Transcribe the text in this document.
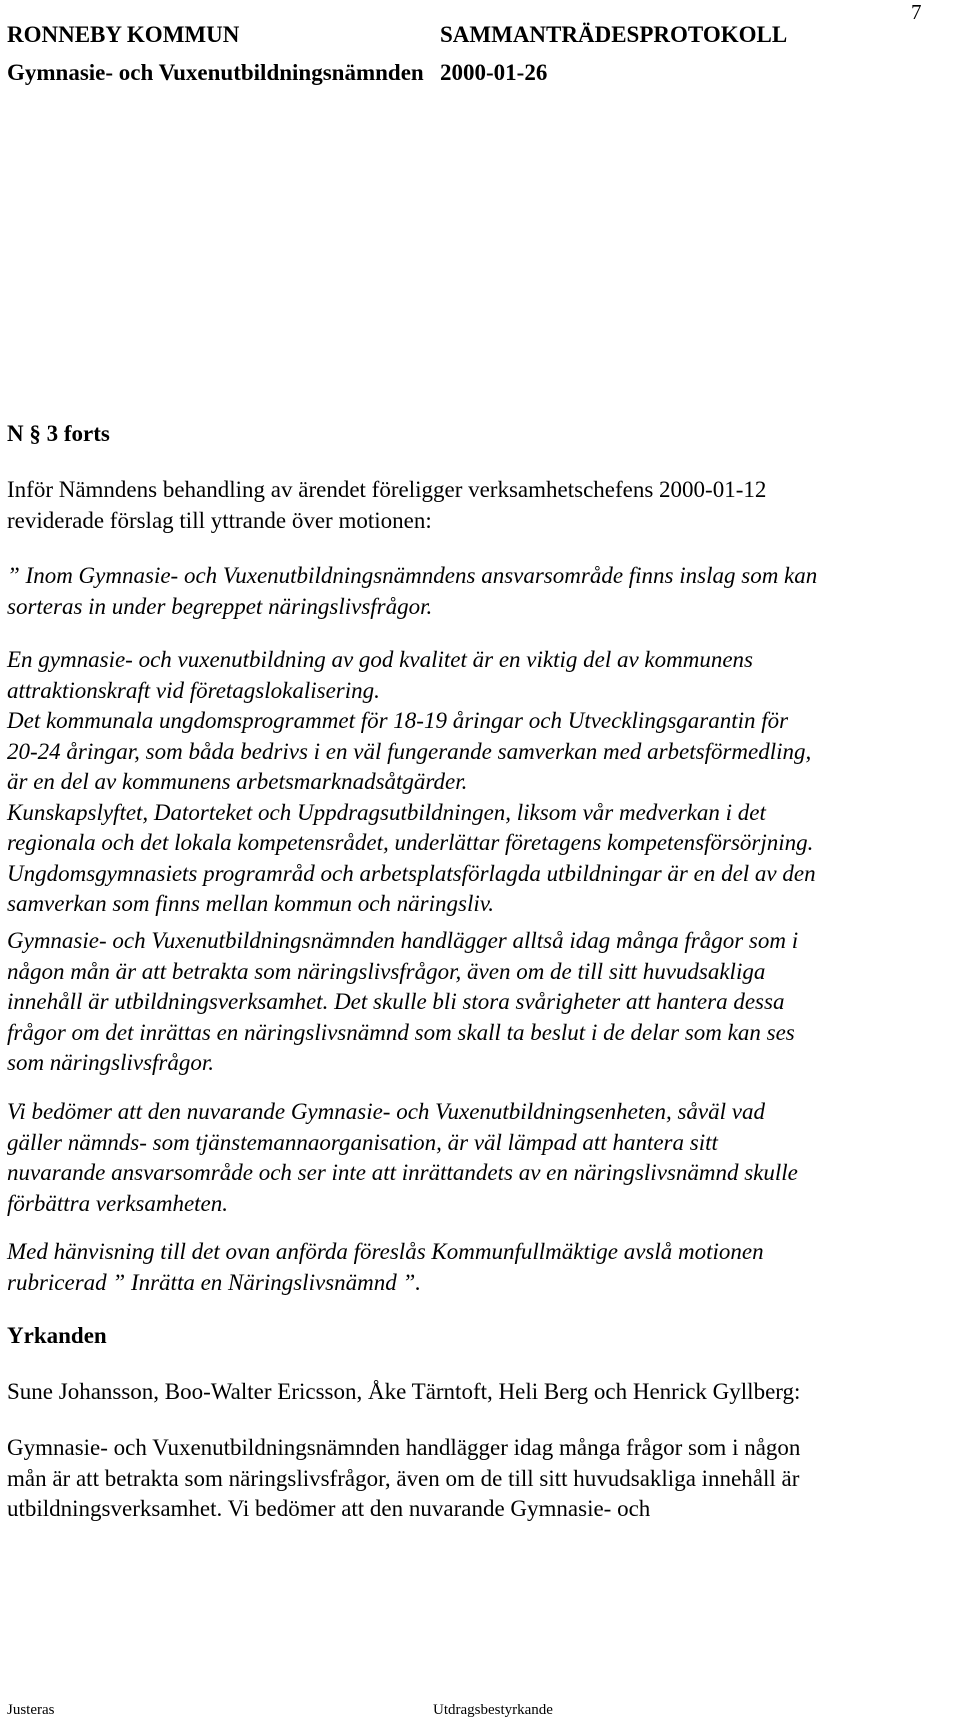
7
RONNEBY KOMMUN	SAMMANTRÄDESPROTOKOLL
Gymnasie- och Vuxenutbildningsnämnden 2000-01-26
N § 3 forts
Inför Nämndens behandling av ärendet föreligger verksamhetschefens 2000-01-12
reviderade förslag till yttrande över motionen:
” Inom Gymnasie- och Vuxenutbildningsnämndens ansvarsområde finns inslag som kan
sorteras in under begreppet näringslivsfrågor.
En gymnasie- och vuxenutbildning av god kvalitet är en viktig del av kommunens
attraktionskraft vid företagslokalisering.
Det kommunala ungdomsprogrammet för 18-19 åringar och Utvecklingsgarantin för
20-24 åringar, som båda bedrivs i en väl fungerande samverkan med arbetsförmedling,
är en del av kommunens arbetsmarknadsåtgärder.
Kunskapslyftet, Datorteket och Uppdragsutbildningen, liksom vår medverkan i det
regionala och det lokala kompetensrådet, underlättar företagens kompetensförsörjning.
Ungdomsgymnasiets programråd och arbetsplatsförlagda utbildningar är en del av den
samverkan som finns mellan kommun och näringsliv.
Gymnasie- och Vuxenutbildningsnämnden handlägger alltså idag många frågor som i
någon mån är att betrakta som näringslivsfrågor, även om de till sitt huvudsakliga
innehåll är utbildningsverksamhet. Det skulle bli stora svårigheter att hantera dessa
frågor om det inrättas en näringslivsnämnd som skall ta beslut i de delar som kan ses
som näringslivsfrågor.
Vi bedömer att den nuvarande Gymnasie- och Vuxenutbildningsenheten, såväl vad
gäller nämnds- som tjänstemannaorganisation, är väl lämpad att hantera sitt
nuvarande ansvarsområde och ser inte att inrättandets av en näringslivsnämnd skulle
förbättra verksamheten.
Med hänvisning till det ovan anförda föreslås Kommunfullmäktige avslå motionen
rubricerad ” Inrätta en Näringslivsnämnd ”.
Yrkanden
Sune Johansson, Boo-Walter Ericsson, Åke Tärntoft, Heli Berg och Henrick Gyllberg:
Gymnasie- och Vuxenutbildningsnämnden handlägger idag många frågor som i någon
mån är att betrakta som näringslivsfrågor, även om de till sitt huvudsakliga innehåll är
utbildningsverksamhet. Vi bedömer att den nuvarande Gymnasie- och
Justeras	Utdragsbestyrkande
